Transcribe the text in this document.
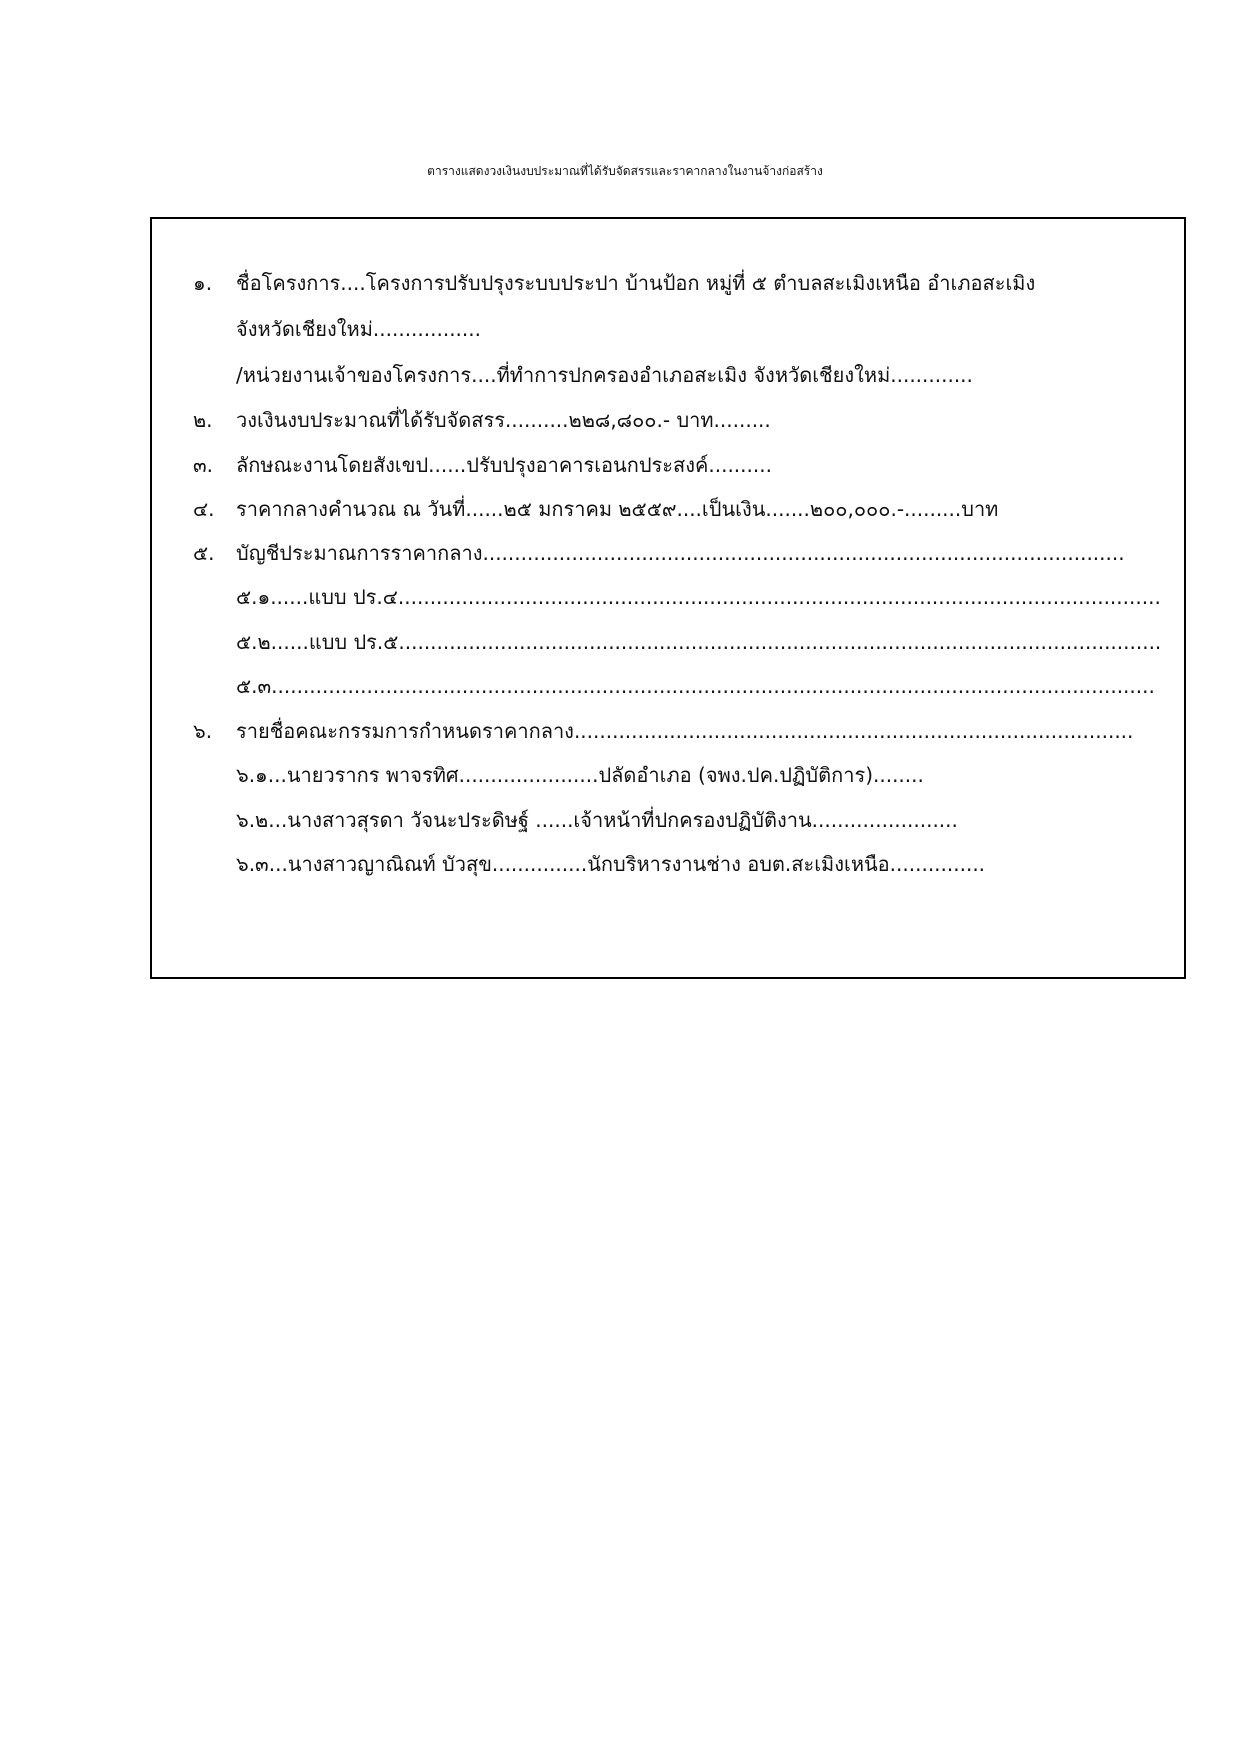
ตารางแสดงวงเงินงบประมาณที่ได้รับจัดสรรและราคากลางในงานจ้างก่อสร้าง
๑. ชื่อโครงการ....โครงการปรับปรุงระบบประปา บ้านป้อก หมู่ที่ ๕ ตำบลสะเมิงเหนือ อำเภอสะเมิง
จังหวัดเชียงใหม่.................
/หน่วยงานเจ้าของโครงการ....ที่ทำการปกครองอำเภอสะเมิง จังหวัดเชียงใหม่.............
๒. วงเงินงบประมาณที่ได้รับจัดสรร..........๒๒๘,๘๐๐.- บาท.........
๓. ลักษณะงานโดยสังเขป......ปรับปรุงอาคารเอนกประสงค์..........
๔. ราคากลางคำนวณ ณ วันที่......๒๕ มกราคม ๒๕๕๙....เป็นเงิน.......๒๐๐,๐๐๐.-.........บาท
๕. บัญชีประมาณการราคากลาง.....................................................................................................
๕.๑......แบบ ปร.๔........................................................................................................................
๕.๒......แบบ ปร.๕........................................................................................................................
๕.๓...........................................................................................................................................
๖. รายชื่อคณะกรรมการกำหนดราคากลาง........................................................................................
๖.๑...นายวรากร พาจรทิศ......................ปลัดอำเภอ (จพง.ปค.ปฏิบัติการ)........
๖.๒...นางสาวสุรดา วัจนะประดิษฐ์ ......เจ้าหน้าที่ปกครองปฏิบัติงาน.......................
๖.๓...นางสาวญาณิณท์ บัวสุข...............นักบริหารงานช่าง อบต.สะเมิงเหนือ...............
